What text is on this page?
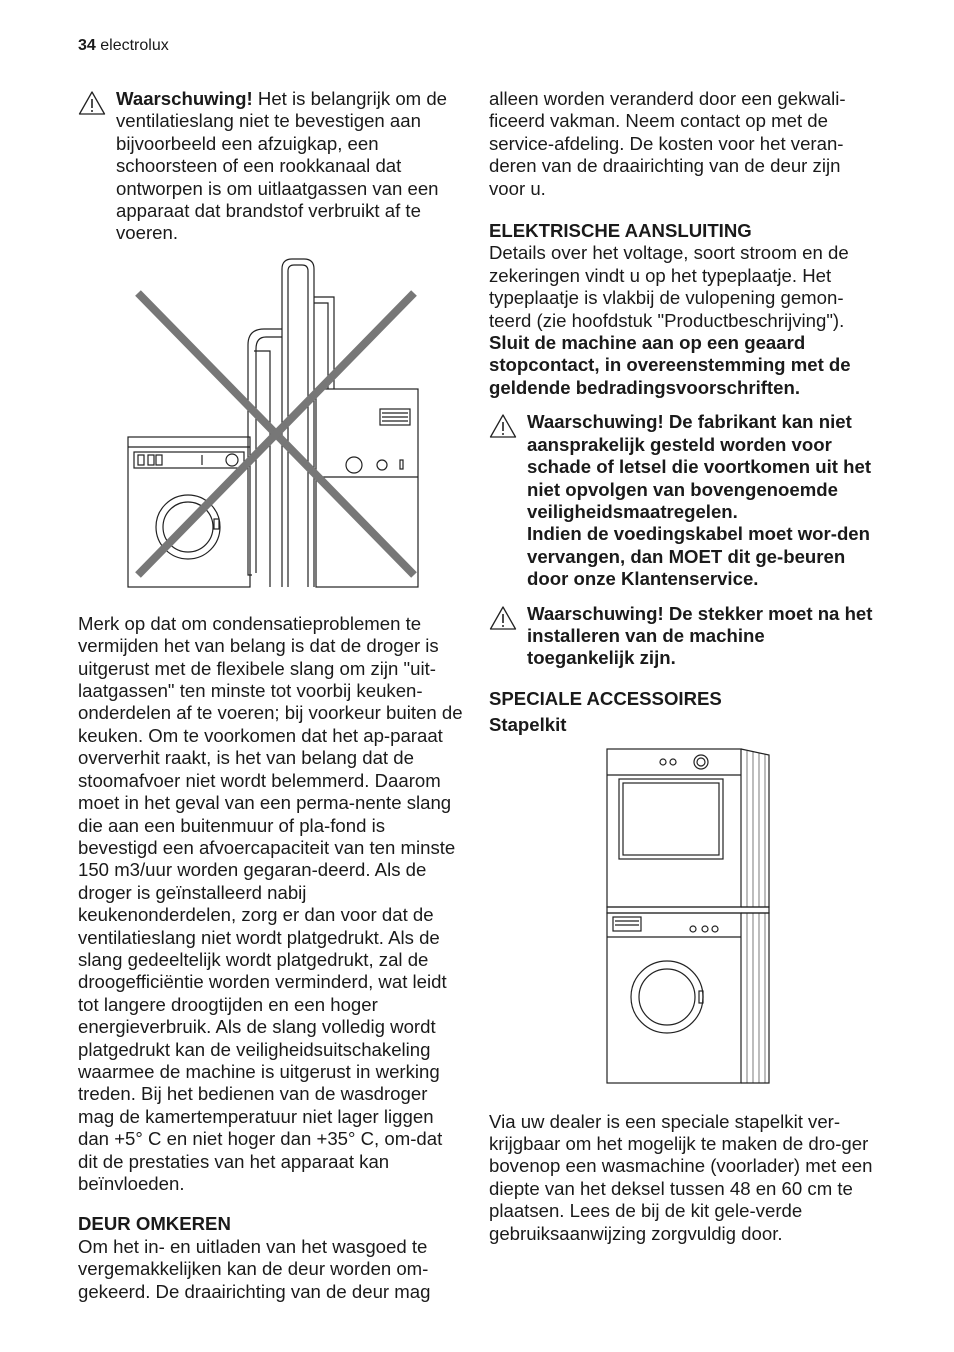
34 electrolux

Waarschuwing! Het is belangrijk om de ventilatieslang niet te bevestigen aan bijvoorbeeld een afzuigkap, een schoorsteen of een rookkanaal dat ontworpen is om uitlaatgassen van een apparaat dat brandstof verbruikt af te voeren.

Merk op dat om condensatieproblemen te vermijden het van belang is dat de droger is uitgerust met de flexibele slang om zijn "uit-laatgassen" ten minste tot voorbij keuken-onderdelen af te voeren; bij voorkeur buiten de keuken. Om te voorkomen dat het ap-paraat oververhit raakt, is het van belang dat de stoomafvoer niet wordt belemmerd. Daarom moet in het geval van een perma-nente slang die aan een buitenmuur of pla-fond is bevestigd een afvoercapaciteit van ten minste 150 m3/uur worden gegaran-deerd. Als de droger is geïnstalleerd nabij keukenonderdelen, zorg er dan voor dat de ventilatieslang niet wordt platgedrukt. Als de slang gedeeltelijk wordt platgedrukt, zal de droogefficiëntie worden verminderd, wat leidt tot langere droogtijden en een hoger energieverbruik. Als de slang volledig wordt platgedrukt kan de veiligheidsuitschakeling waarmee de machine is uitgerust in werking treden. Bij het bedienen van de wasdroger mag de kamertemperatuur niet lager liggen dan +5° C en niet hoger dan +35° C, om-dat dit de prestaties van het apparaat kan beïnvloeden.

DEUR OMKEREN

Om het in- en uitladen van het wasgoed te vergemakkelijken kan de deur worden om-gekeerd. De draairichting van de deur mag

alleen worden veranderd door een gekwali-ficeerd vakman. Neem contact op met de service-afdeling. De kosten voor het veran-deren van de draairichting van de deur zijn voor u.

ELEKTRISCHE AANSLUITING

Details over het voltage, soort stroom en de zekeringen vindt u op het typeplaatje. Het typeplaatje is vlakbij de vulopening gemon-teerd (zie hoofdstuk "Productbeschrijving").

Sluit de machine aan op een geaard stopcontact, in overeenstemming met de geldende bedradingsvoorschriften.

Waarschuwing! De fabrikant kan niet aansprakelijk gesteld worden voor schade of letsel die voortkomen uit het niet opvolgen van bovengenoemde veiligheidsmaatregelen.

Indien de voedingskabel moet wor-den vervangen, dan MOET dit ge-beuren door onze Klantenservice.

Waarschuwing! De stekker moet na het installeren van de machine toegankelijk zijn.

SPECIALE ACCESSOIRES
Stapelkit

Via uw dealer is een speciale stapelkit ver-krijgbaar om het mogelijk te maken de dro-ger bovenop een wasmachine (voorlader) met een diepte van het deksel tussen 48 en 60 cm te plaatsen. Lees de bij de kit gele-verde gebruiksaanwijzing zorgvuldig door.
